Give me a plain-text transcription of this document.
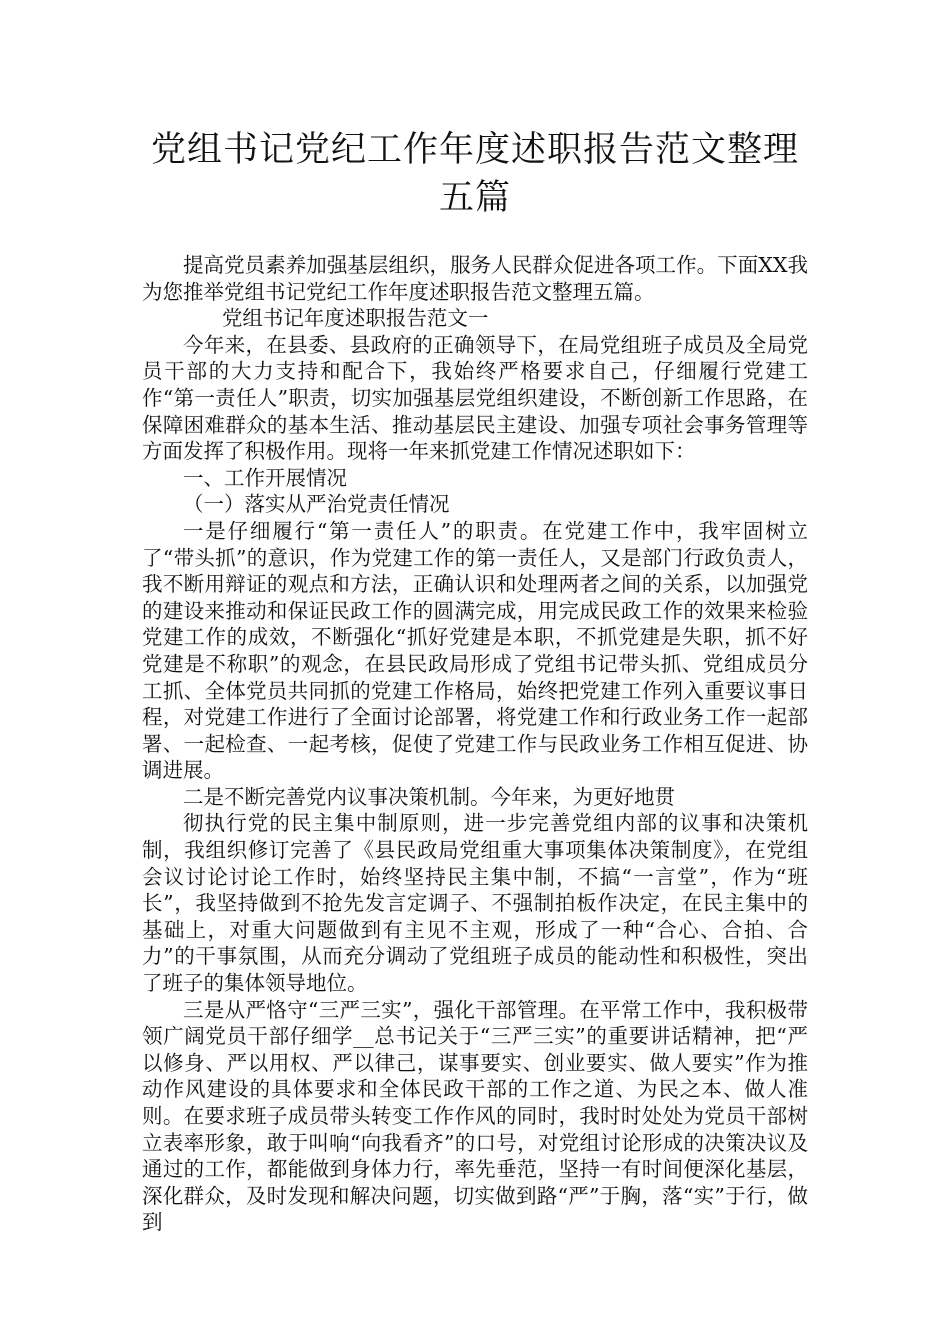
党组书记党纪工作年度述职报告范文整理
五篇

提高党员素养加强基层组织，服务人民群众促进各项工作。下面XX我为您推举党组书记党纪工作年度述职报告范文整理五篇。

党组书记年度述职报告范文一

今年来，在县委、县政府的正确领导下，在局党组班子成员及全局党员干部的大力支持和配合下，我始终严格要求自己，仔细履行党建工作“第一责任人”职责，切实加强基层党组织建设，不断创新工作思路，在保障困难群众的基本生活、推动基层民主建设、加强专项社会事务管理等方面发挥了积极作用。现将一年来抓党建工作情况述职如下：

一、工作开展情况

（一）落实从严治党责任情况

一是仔细履行“第一责任人”的职责。在党建工作中，我牢固树立了“带头抓”的意识，作为党建工作的第一责任人，又是部门行政负责人，我不断用辩证的观点和方法，正确认识和处理两者之间的关系，以加强党的建设来推动和保证民政工作的圆满完成，用完成民政工作的效果来检验党建工作的成效，不断强化“抓好党建是本职，不抓党建是失职，抓不好党建是不称职”的观念，在县民政局形成了党组书记带头抓、党组成员分工抓、全体党员共同抓的党建工作格局，始终把党建工作列入重要议事日程，对党建工作进行了全面讨论部署，将党建工作和行政业务工作一起部署、一起检查、一起考核，促使了党建工作与民政业务工作相互促进、协调进展。

二是不断完善党内议事决策机制。今年来，为更好地贯

彻执行党的民主集中制原则，进一步完善党组内部的议事和决策机制，我组织修订完善了《县民政局党组重大事项集体决策制度》，在党组会议讨论讨论工作时，始终坚持民主集中制，不搞“一言堂”，作为“班长”，我坚持做到不抢先发言定调子、不强制拍板作决定，在民主集中的基础上，对重大问题做到有主见不主观，形成了一种“合心、合拍、合力”的干事氛围，从而充分调动了党组班子成员的能动性和积极性，突出了班子的集体领导地位。

三是从严恪守“三严三实”，强化干部管理。在平常工作中，我积极带领广阔党员干部仔细学__总书记关于“三严三实”的重要讲话精神，把“严以修身、严以用权、严以律己，谋事要实、创业要实、做人要实”作为推动作风建设的具体要求和全体民政干部的工作之道、为民之本、做人准则。在要求班子成员带头转变工作作风的同时，我时时处处为党员干部树立表率形象，敢于叫响“向我看齐”的口号，对党组讨论形成的决策决议及通过的工作，都能做到身体力行，率先垂范，坚持一有时间便深化基层，深化群众，及时发现和解决问题，切实做到路“严”于胸，落“实”于行，做到
